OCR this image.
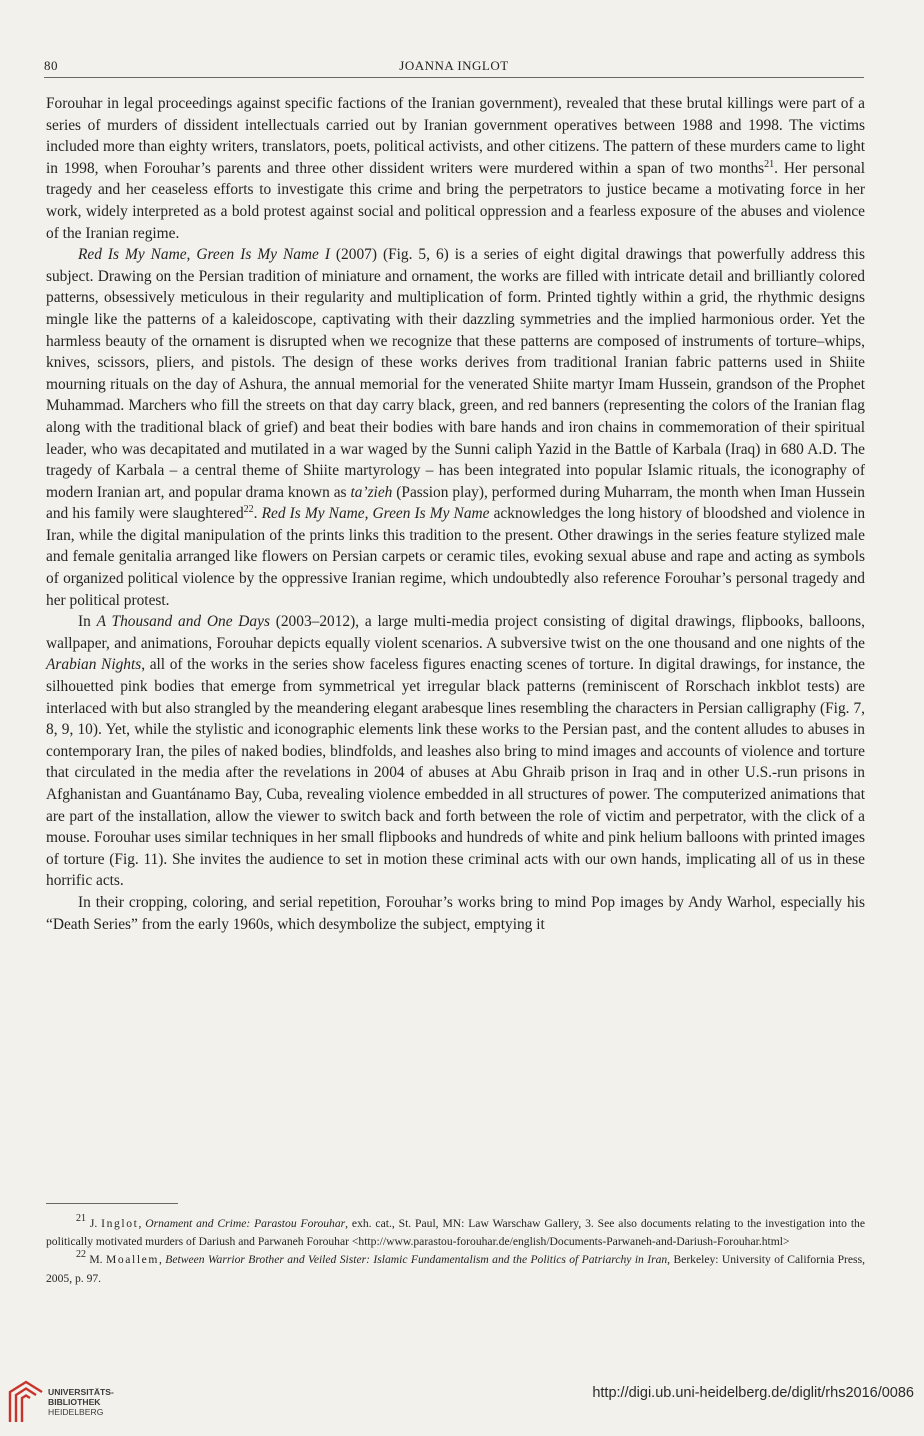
80	JOANNA INGLOT

Forouhar in legal proceedings against specific factions of the Iranian government), revealed that these brutal killings were part of a series of murders of dissident intellectuals carried out by Iranian government operatives between 1988 and 1998. The victims included more than eighty writers, translators, poets, political activists, and other citizens. The pattern of these murders came to light in 1998, when Forouhar’s parents and three other dissident writers were murdered within a span of two months$^{21}$. Her personal tragedy and her ceaseless efforts to investigate this crime and bring the perpetrators to justice became a motivating force in her work, widely interpreted as a bold protest against social and political oppression and a fearless exposure of the abuses and violence of the Iranian regime.

Red Is My Name, Green Is My Name I (2007) (Fig. 5, 6) is a series of eight digital drawings that powerfully address this subject. Drawing on the Persian tradition of miniature and ornament, the works are filled with intricate detail and brilliantly colored patterns, obsessively meticulous in their regularity and multiplication of form. Printed tightly within a grid, the rhythmic designs mingle like the patterns of a kaleidoscope, captivating with their dazzling symmetries and the implied harmonious order. Yet the harmless beauty of the ornament is disrupted when we recognize that these patterns are composed of instruments of torture–whips, knives, scissors, pliers, and pistols. The design of these works derives from traditional Iranian fabric patterns used in Shiite mourning rituals on the day of Ashura, the annual memorial for the venerated Shiite martyr Imam Hussein, grandson of the Prophet Muhammad. Marchers who fill the streets on that day carry black, green, and red banners (representing the colors of the Iranian flag along with the traditional black of grief) and beat their bodies with bare hands and iron chains in commemoration of their spiritual leader, who was decapitated and mutilated in a war waged by the Sunni caliph Yazid in the Battle of Karbala (Iraq) in 680 A.D. The tragedy of Karbala – a central theme of Shiite martyrology – has been integrated into popular Islamic rituals, the iconography of modern Iranian art, and popular drama known as ta’zieh (Passion play), performed during Muharram, the month when Iman Hussein and his family were slaughtered$^{22}$. Red Is My Name, Green Is My Name acknowledges the long history of bloodshed and violence in Iran, while the digital manipulation of the prints links this tradition to the present. Other drawings in the series feature stylized male and female genitalia arranged like flowers on Persian carpets or ceramic tiles, evoking sexual abuse and rape and acting as symbols of organized political violence by the oppressive Iranian regime, which undoubtedly also reference Forouhar’s personal tragedy and her political protest.

In A Thousand and One Days (2003–2012), a large multi-media project consisting of digital drawings, flipbooks, balloons, wallpaper, and animations, Forouhar depicts equally violent scenarios. A subversive twist on the one thousand and one nights of the Arabian Nights, all of the works in the series show faceless figures enacting scenes of torture. In digital drawings, for instance, the silhouetted pink bodies that emerge from symmetrical yet irregular black patterns (reminiscent of Rorschach inkblot tests) are interlaced with but also strangled by the meandering elegant arabesque lines resembling the characters in Persian calligraphy (Fig. 7, 8, 9, 10). Yet, while the stylistic and iconographic elements link these works to the Persian past, and the content alludes to abuses in contemporary Iran, the piles of naked bodies, blindfolds, and leashes also bring to mind images and accounts of violence and torture that circulated in the media after the revelations in 2004 of abuses at Abu Ghraib prison in Iraq and in other U.S.-run prisons in Afghanistan and Guantánamo Bay, Cuba, revealing violence embedded in all structures of power. The computerized animations that are part of the installation, allow the viewer to switch back and forth between the role of victim and perpetrator, with the click of a mouse. Forouhar uses similar techniques in her small flipbooks and hundreds of white and pink helium balloons with printed images of torture (Fig. 11). She invites the audience to set in motion these criminal acts with our own hands, implicating all of us in these horrific acts.

In their cropping, coloring, and serial repetition, Forouhar’s works bring to mind Pop images by Andy Warhol, especially his “Death Series” from the early 1960s, which desymbolize the subject, emptying it

$^{21}$ J. Inglot, Ornament and Crime: Parastou Forouhar, exh. cat., St. Paul, MN: Law Warschaw Gallery, 3. See also documents relating to the investigation into the politically motivated murders of Dariush and Parwaneh Forouhar <http://www.parastou-forouhar.de/english/Documents-Parwaneh-and-Dariush-Forouhar.html>

$^{22}$ M. Moallem, Between Warrior Brother and Veiled Sister: Islamic Fundamentalism and the Politics of Patriarchy in Iran, Berkeley: University of California Press, 2005, p. 97.

UNIVERSITÄTS-
BIBLIOTHEK
HEIDELBERG
http://digi.ub.uni-heidelberg.de/diglit/rhs2016/0086
